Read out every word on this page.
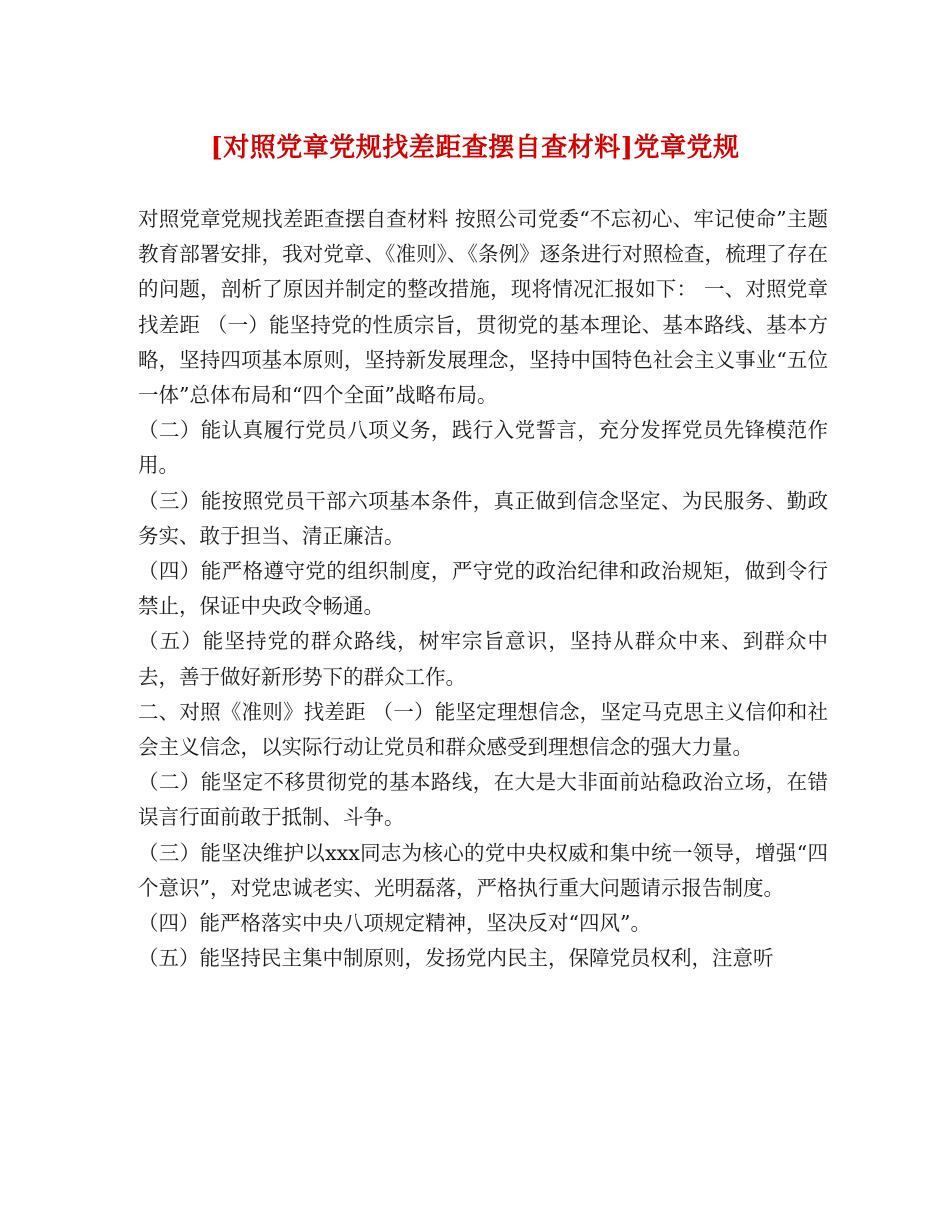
[对照党章党规找差距查摆自查材料]党章党规

对照党章党规找差距查摆自查材料 按照公司党委“不忘初心、牢记使命”主题教育部署安排，我对党章、《准则》、《条例》逐条进行对照检查，梳理了存在的问题，剖析了原因并制定的整改措施，现将情况汇报如下： 一、对照党章找差距 （一）能坚持党的性质宗旨，贯彻党的基本理论、基本路线、基本方略，坚持四项基本原则，坚持新发展理念，坚持中国特色社会主义事业“五位一体”总体布局和“四个全面”战略布局。

（二）能认真履行党员八项义务，践行入党誓言，充分发挥党员先锋模范作用。

（三）能按照党员干部六项基本条件，真正做到信念坚定、为民服务、勤政务实、敢于担当、清正廉洁。

（四）能严格遵守党的组织制度，严守党的政治纪律和政治规矩，做到令行禁止，保证中央政令畅通。

（五）能坚持党的群众路线，树牢宗旨意识，坚持从群众中来、到群众中去，善于做好新形势下的群众工作。

二、对照《准则》找差距 （一）能坚定理想信念，坚定马克思主义信仰和社会主义信念，以实际行动让党员和群众感受到理想信念的强大力量。

（二）能坚定不移贯彻党的基本路线，在大是大非面前站稳政治立场，在错误言行面前敢于抵制、斗争。

（三）能坚决维护以xxx同志为核心的党中央权威和集中统一领导，增强“四个意识”，对党忠诚老实、光明磊落，严格执行重大问题请示报告制度。

（四）能严格落实中央八项规定精神，坚决反对“四风”。

（五）能坚持民主集中制原则，发扬党内民主，保障党员权利，注意听
